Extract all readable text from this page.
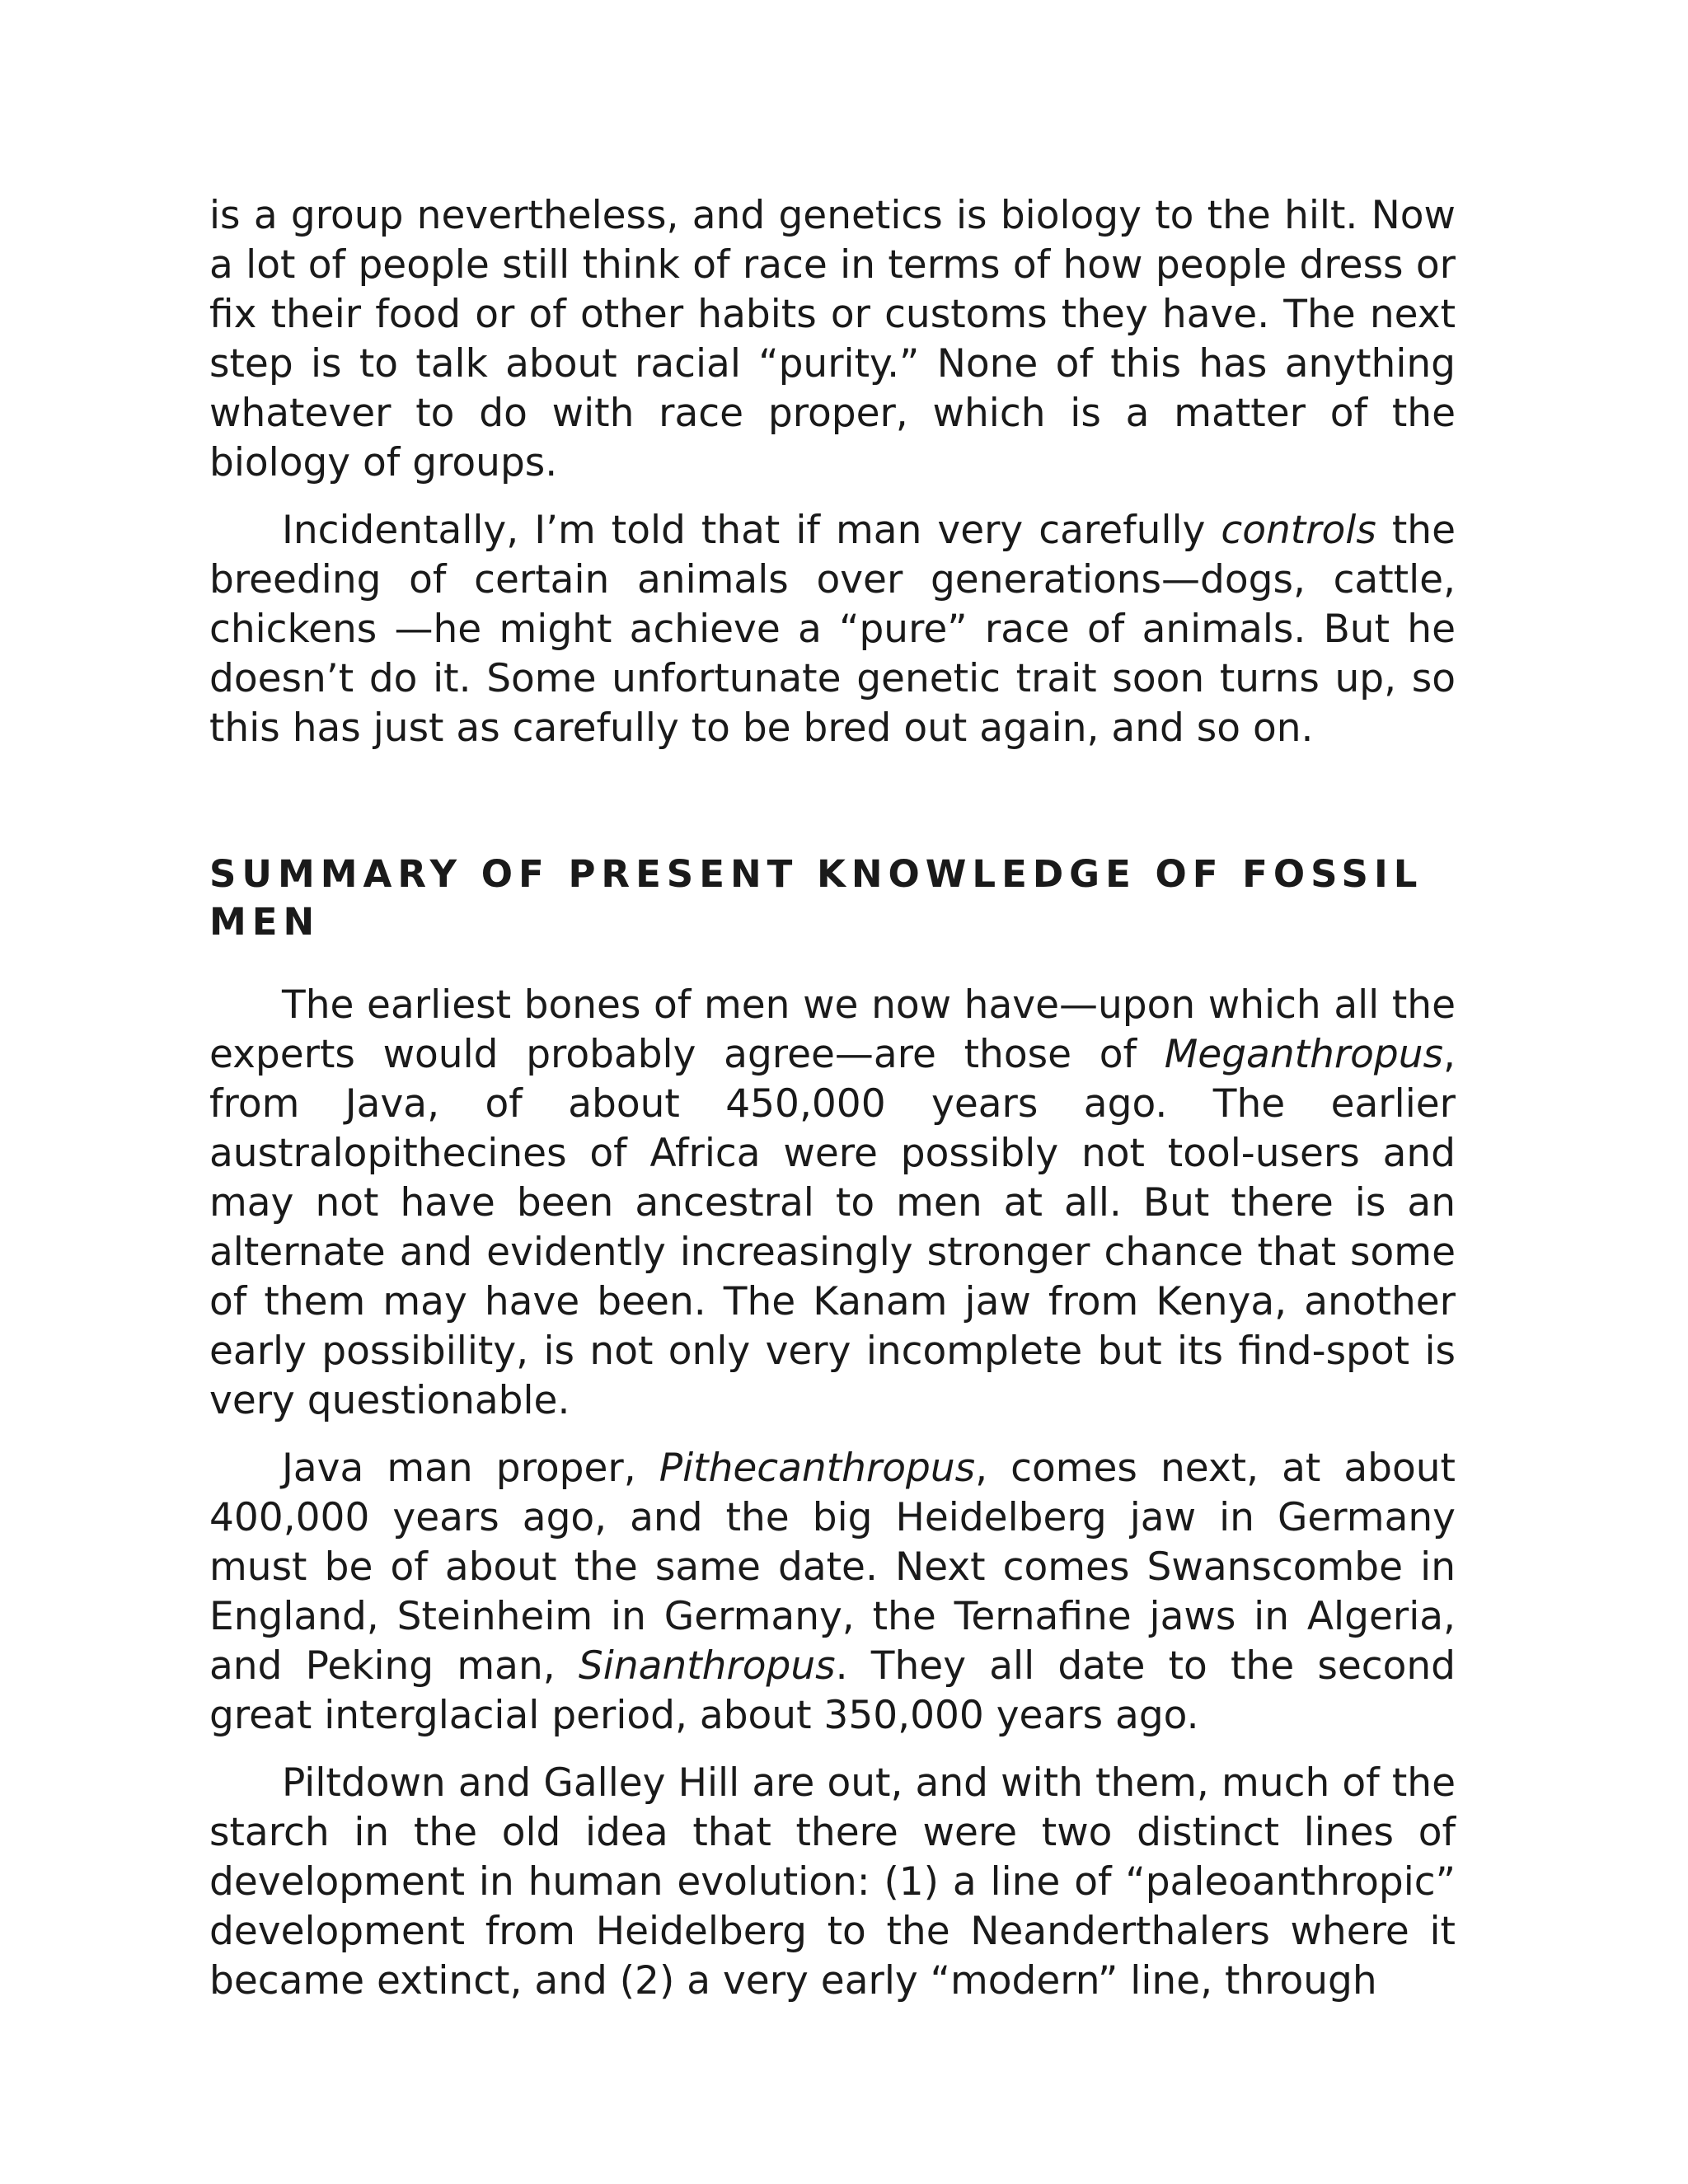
is a group nevertheless, and genetics is biology to the hilt. Now a lot of people still think of race in terms of how people dress or fix their food or of other habits or customs they have. The next step is to talk about racial “purity.” None of this has anything whatever to do with race proper, which is a matter of the biology of groups.

Incidentally, I’m told that if man very carefully controls the breeding of certain animals over generations—dogs, cattle, chickens —he might achieve a “pure” race of animals. But he doesn’t do it. Some unfortunate genetic trait soon turns up, so this has just as carefully to be bred out again, and so on.

SUMMARY OF PRESENT KNOWLEDGE OF FOSSIL MEN

The earliest bones of men we now have—upon which all the experts would probably agree—are those of Meganthropus, from Java, of about 450,000 years ago. The earlier australopithecines of Africa were possibly not tool-users and may not have been ancestral to men at all. But there is an alternate and evidently increasingly stronger chance that some of them may have been. The Kanam jaw from Kenya, another early possibility, is not only very incomplete but its find-spot is very questionable.

Java man proper, Pithecanthropus, comes next, at about 400,000 years ago, and the big Heidelberg jaw in Germany must be of about the same date. Next comes Swanscombe in England, Steinheim in Germany, the Ternafine jaws in Algeria, and Peking man, Sinanthropus. They all date to the second great interglacial period, about 350,000 years ago.

Piltdown and Galley Hill are out, and with them, much of the starch in the old idea that there were two distinct lines of development in human evolution: (1) a line of “paleoanthropic” development from Heidelberg to the Neanderthalers where it became extinct, and (2) a very early “modern” line, through
